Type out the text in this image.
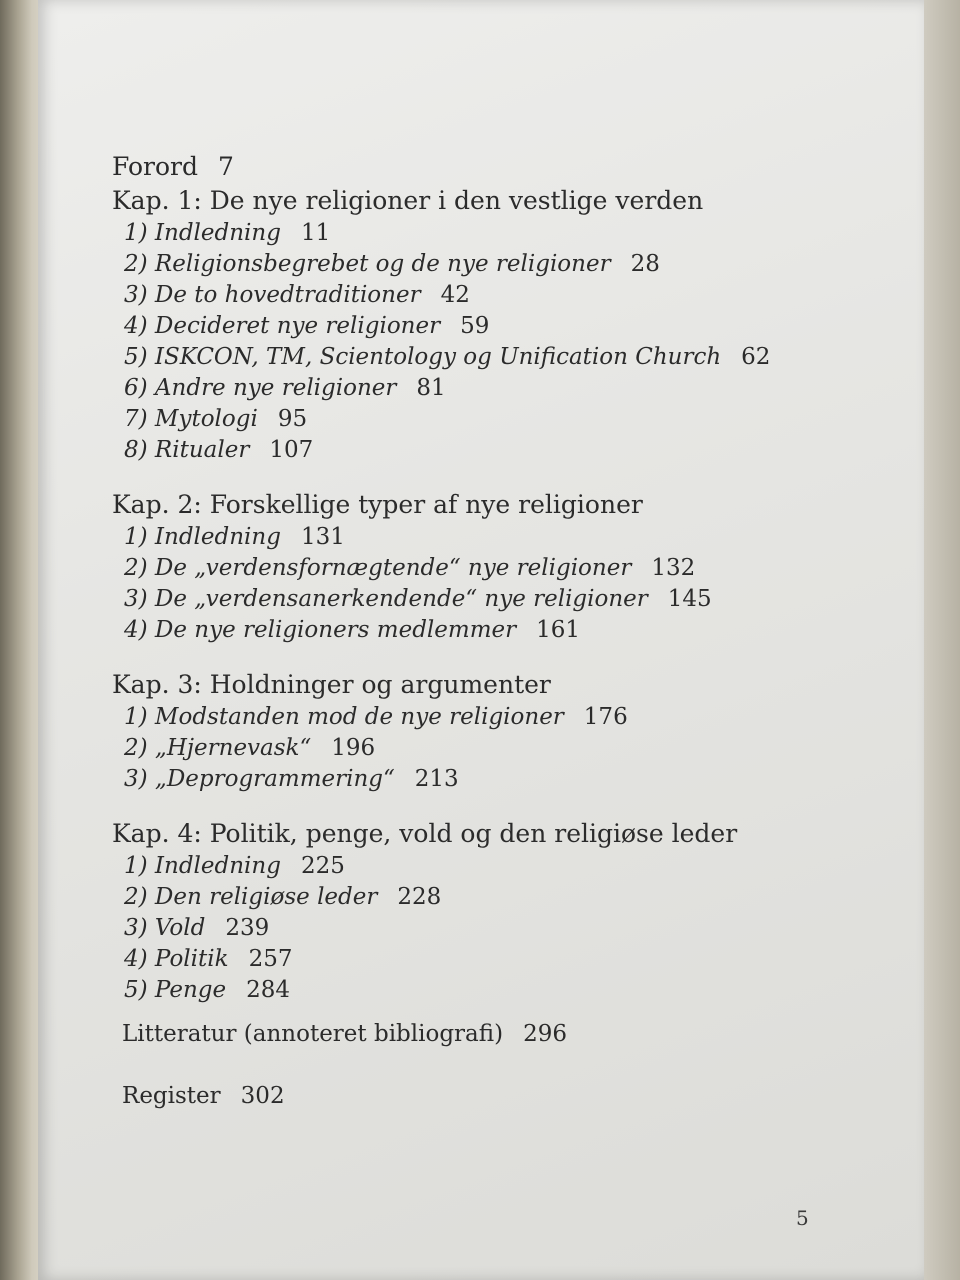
Forord 7
Kap. 1: De nye religioner i den vestlige verden
1) Indledning 11
2) Religionsbegrebet og de nye religioner 28
3) De to hovedtraditioner 42
4) Decideret nye religioner 59
5) ISKCON, TM, Scientology og Unification Church 62
6) Andre nye religioner 81
7) Mytologi 95
8) Ritualer 107
Kap. 2: Forskellige typer af nye religioner
1) Indledning 131
2) De „verdensfornægtende“ nye religioner 132
3) De „verdensanerkendende“ nye religioner 145
4) De nye religioners medlemmer 161
Kap. 3: Holdninger og argumenter
1) Modstanden mod de nye religioner 176
2) „Hjernevask“ 196
3) „Deprogrammering“ 213
Kap. 4: Politik, penge, vold og den religiøse leder
1) Indledning 225
2) Den religiøse leder 228
3) Vold 239
4) Politik 257
5) Penge 284
Litteratur (annoteret bibliografi) 296
Register 302
5
